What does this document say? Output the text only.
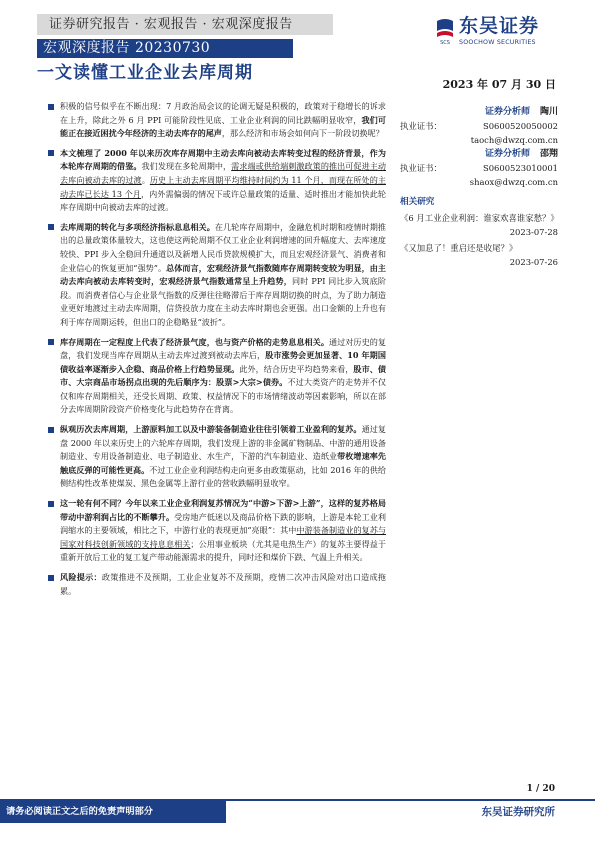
证券研究报告 · 宏观报告 · 宏观深度报告
宏观深度报告 20230730
一文读懂工业企业去库周期
SCS
东吴证券
SOOCHOW SECURITIES
2023 年 07 月 30 日
积极的信号似乎在不断出现：7 月政治局会议的论调无疑是积极的，政策对于稳增长的诉求在上升，除此之外 6 月 PPI 可能阶段性见底、工业企业利润的同比跌幅明显收窄，我们可能正在接近困扰今年经济的主动去库存的尾声，那么经济和市场会如何向下一阶段切换呢？
本文梳理了 2000 年以来历次库存周期中主动去库向被动去库转变过程的经济背景，作为本轮库存周期的借鉴。我们发现在多轮周期中，需求端或供给端刺激政策的推出可促进主动去库向被动去库的过渡。历史上主动去库周期平均维持时间约为 11 个月，而现在所处的主动去库已长达 13 个月，内外需偏弱的情况下或许总量政策的适量、适时推出才能加快此轮库存周期中向被动去库的过渡。
去库周期的转化与多项经济指标息息相关。在几轮库存周期中，金融危机时期和疫情时期推出的总量政策体量较大，这也使这两轮周期不仅工业企业利润增速的回升幅度大、去库速度较快、PPI 步入全稳回升通道以及新增人民币贷款规模扩大，而且宏观经济景气、消费者和企业信心的恢复更加“强势”。总体而言，宏观经济景气指数随库存周期转变较为明显，由主动去库向被动去库转变时，宏观经济景气指数通常呈上升趋势，同时 PPI 同比步入筑底阶段。而消费者信心与企业景气指数的反弹往往略滞后于库存周期切换的时点，为了助力制造业更好地渡过主动去库周期，信贷投放力度在主动去库时期也会更强。出口金额的上升也有利于库存周期运转，但出口的企稳略显“波折”。
库存周期在一定程度上代表了经济景气度，也与资产价格的走势息息相关。通过对历史的复盘，我们发现当库存周期从主动去库过渡到被动去库后，股市涨势会更加显著、10 年期国债收益率逐渐步入企稳、商品价格上行趋势显现。此外，结合历史平均趋势来看，股市、债市、大宗商品市场拐点出现的先后顺序为：股票>大宗>债券。不过大类资产的走势并不仅仅和库存周期相关，还受长周期、政策、权益情况下的市场情绪波动等因素影响，所以在部分去库周期阶段资产价格变化与此趋势存在背离。
纵观历次去库周期，上游原料加工以及中游装备制造业往往引领着工业盈利的复苏。通过复盘 2000 年以来历史上的六轮库存周期，我们发现上游的非金属矿物制品、中游的通用设备制造业、专用设备制造业、电子制造业、水生产，下游的汽车制造业、造纸业带枚增速率先触底反弹的可能性更高。不过工业企业利润结构走向更多由政策驱动，比如 2016 年的供给侧结构性改革使煤炭、黑色金属等上游行业的营收跌幅明显收窄。
这一轮有何不同？今年以来工业企业利润复苏情况为“中游>下游>上游”，这样的复苏格局带动中游利润占比的不断攀升。受房地产低迷以及商品价格下跌的影响，上游是本轮工业利润缩水的主要领域，相比之下，中游行业的表现更加“亮眼”：其中中游装备制造业的复苏与国家对科技创新领域的支持息息相关；公用事业板块（尤其是电热生产）的复苏主要得益于重新开放后工业的复工复产带动能源需求的提升，同时还和煤价下跌、气温上升相关。
风险提示：政策推进不及预期，工业企业复苏不及预期，疫情二次冲击风险对出口造成拖累。
证券分析师 陶川
执业证书：	S0600520050002
taoch@dwzq.com.cn
证券分析师 邵翔
执业证书：	S0600523010001
shaox@dwzq.com.cn
相关研究
《6 月工业企业利润：谁家欢喜谁家愁？》
2023-07-28
《又加息了！重启还是收尾？》
2023-07-26
1 / 20
请务必阅读正文之后的免责声明部分	东吴证券研究所
